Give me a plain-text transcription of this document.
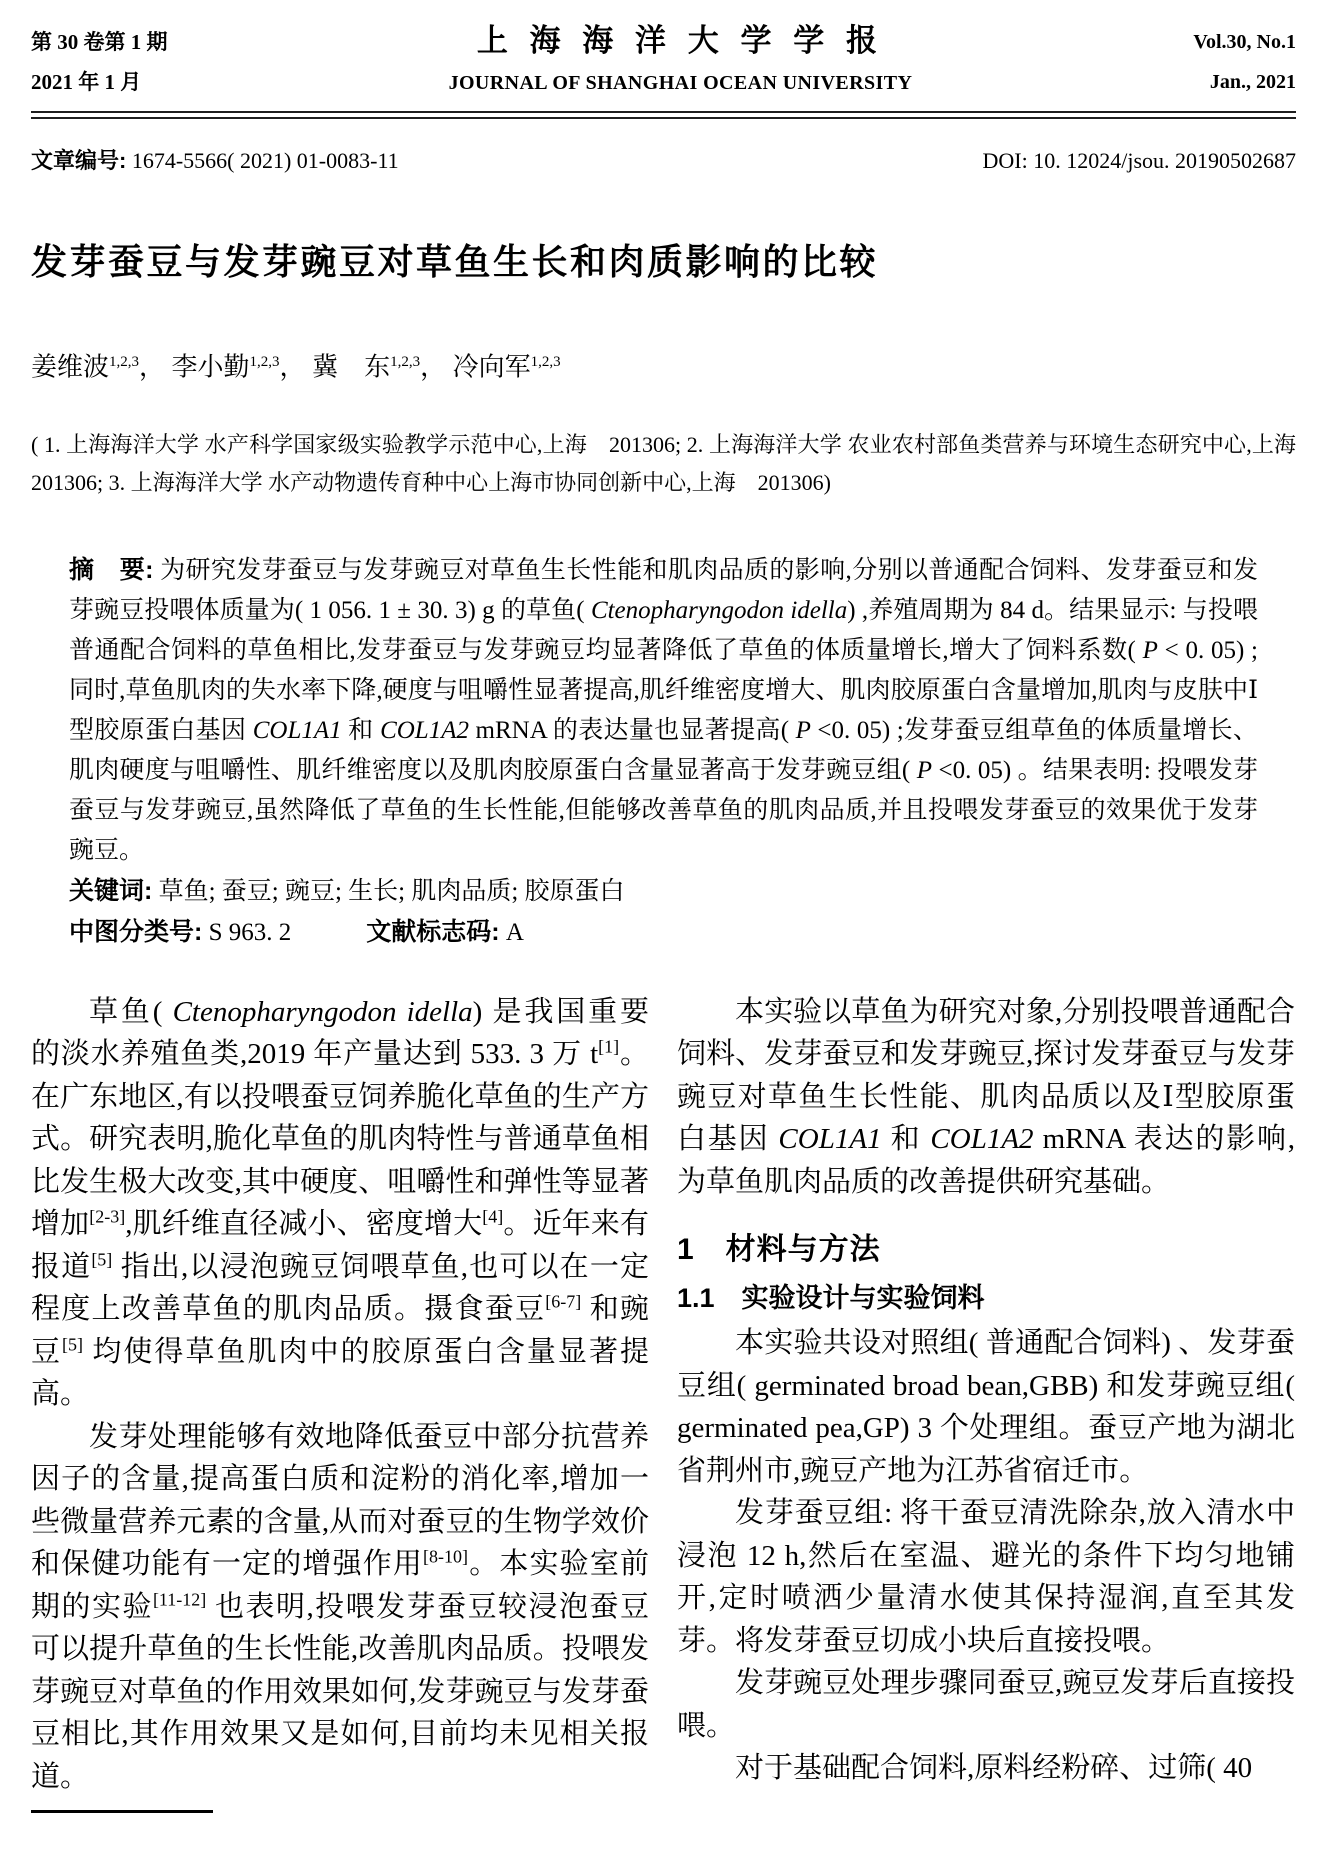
第 30 卷第 1 期
2021 年 1 月
上 海 海 洋 大 学 学 报
JOURNAL OF SHANGHAI OCEAN UNIVERSITY
Vol.30, No.1
Jan., 2021
文章编号: 1674-5566( 2021) 01-0083-11	DOI: 10. 12024/jsou. 20190502687
发芽蚕豆与发芽豌豆对草鱼生长和肉质影响的比较
姜维波$^{1,2,3}$， 李小勤$^{1,2,3}$， 冀　东$^{1,2,3}$， 冷向军$^{1,2,3}$
( 1. 上海海洋大学 水产科学国家级实验教学示范中心,上海　201306; 2. 上海海洋大学 农业农村部鱼类营养与环境生态研究中心,上海　201306; 3. 上海海洋大学 水产动物遗传育种中心上海市协同创新中心,上海　201306)
摘　要: 为研究发芽蚕豆与发芽豌豆对草鱼生长性能和肌肉品质的影响,分别以普通配合饲料、发芽蚕豆和发芽豌豆投喂体质量为( 1 056. 1 ± 30. 3) g 的草鱼( Ctenopharyngodon idella) ,养殖周期为 84 d。结果显示: 与投喂普通配合饲料的草鱼相比,发芽蚕豆与发芽豌豆均显著降低了草鱼的体质量增长,增大了饲料系数( P < 0. 05) ;同时,草鱼肌肉的失水率下降,硬度与咀嚼性显著提高,肌纤维密度增大、肌肉胶原蛋白含量增加,肌肉与皮肤中Ⅰ型胶原蛋白基因 COL1A1 和 COL1A2 mRNA 的表达量也显著提高( P <0. 05) ;发芽蚕豆组草鱼的体质量增长、肌肉硬度与咀嚼性、肌纤维密度以及肌肉胶原蛋白含量显著高于发芽豌豆组( P <0. 05) 。结果表明: 投喂发芽蚕豆与发芽豌豆,虽然降低了草鱼的生长性能,但能够改善草鱼的肌肉品质,并且投喂发芽蚕豆的效果优于发芽豌豆。
关键词: 草鱼; 蚕豆; 豌豆; 生长; 肌肉品质; 胶原蛋白
中图分类号: S 963. 2　　　	文献标志码: A

草鱼( Ctenopharyngodon idella) 是我国重要的淡水养殖鱼类,2019 年产量达到 533. 3 万 t[1]。在广东地区,有以投喂蚕豆饲养脆化草鱼的生产方式。研究表明,脆化草鱼的肌肉特性与普通草鱼相比发生极大改变,其中硬度、咀嚼性和弹性等显著增加[2-3],肌纤维直径减小、密度增大[4]。近年来有报道[5] 指出,以浸泡豌豆饲喂草鱼,也可以在一定程度上改善草鱼的肌肉品质。摄食蚕豆[6-7] 和豌豆[5] 均使得草鱼肌肉中的胶原蛋白含量显著提高。

发芽处理能够有效地降低蚕豆中部分抗营养因子的含量,提高蛋白质和淀粉的消化率,增加一些微量营养元素的含量,从而对蚕豆的生物学效价和保健功能有一定的增强作用[8-10]。本实验室前期的实验[11-12] 也表明,投喂发芽蚕豆较浸泡蚕豆可以提升草鱼的生长性能,改善肌肉品质。投喂发芽豌豆对草鱼的作用效果如何,发芽豌豆与发芽蚕豆相比,其作用效果又是如何,目前均未见相关报道。

本实验以草鱼为研究对象,分别投喂普通配合饲料、发芽蚕豆和发芽豌豆,探讨发芽蚕豆与发芽豌豆对草鱼生长性能、肌肉品质以及Ⅰ型胶原蛋白基因 COL1A1 和 COL1A2 mRNA 表达的影响,为草鱼肌肉品质的改善提供研究基础。

1　材料与方法
1.1　实验设计与实验饲料

本实验共设对照组( 普通配合饲料) 、发芽蚕豆组( germinated broad bean,GBB) 和发芽豌豆组( germinated pea,GP) 3 个处理组。蚕豆产地为湖北省荆州市,豌豆产地为江苏省宿迁市。

发芽蚕豆组: 将干蚕豆清洗除杂,放入清水中浸泡 12 h,然后在室温、避光的条件下均匀地铺开,定时喷洒少量清水使其保持湿润,直至其发芽。将发芽蚕豆切成小块后直接投喂。

发芽豌豆处理步骤同蚕豆,豌豆发芽后直接投喂。

对于基础配合饲料,原料经粉碎、过筛( 40
